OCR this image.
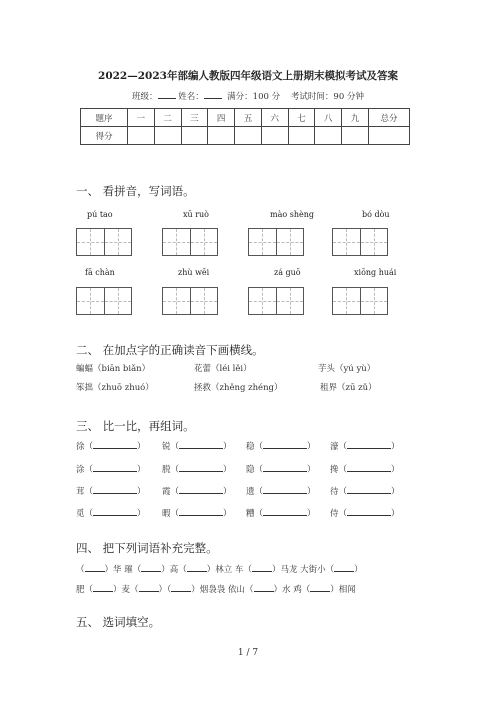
2022—2023年部编人教版四年级语文上册期末模拟考试及答案
班级： 姓名：	满分：100 分 考试时间：90 分钟
题序	一	二	三	四	五	六	七	八	九	总分
得分										
一、 看拼音，写词语。
pú tao	xū ruò	mào shèng	bó dòu
fā chàn	zhù wēi	zá guō	xiōng huái
二、 在加点字的正确读音下画横线。
蝙蝠（biān biǎn）	花蕾（léi lěi）	芋头（yú yù）
笨拙（zhuō zhuó）	拯救（zhěng zhéng）	租界（zū zǔ）
三、 比一比，再组词。
徐（	） 锐（	） 稳（	） 濠（	）
涂（	） 脱（	） 隐（	） 搀（	）
茸（	） 霞（	） 遗（	） 待（	）
觅（	） 暇（	） 糟（	） 侍（	）
四、 把下列词语补充完整。
（ ）华 璀（ ）高（ ）林立 车（ ）马龙 大街小（ ）
肥（ ）麦（ ）（ ）烟袅袅 依山（ ）水 鸡（ ）相闻
五、 选词填空。
1 / 7
